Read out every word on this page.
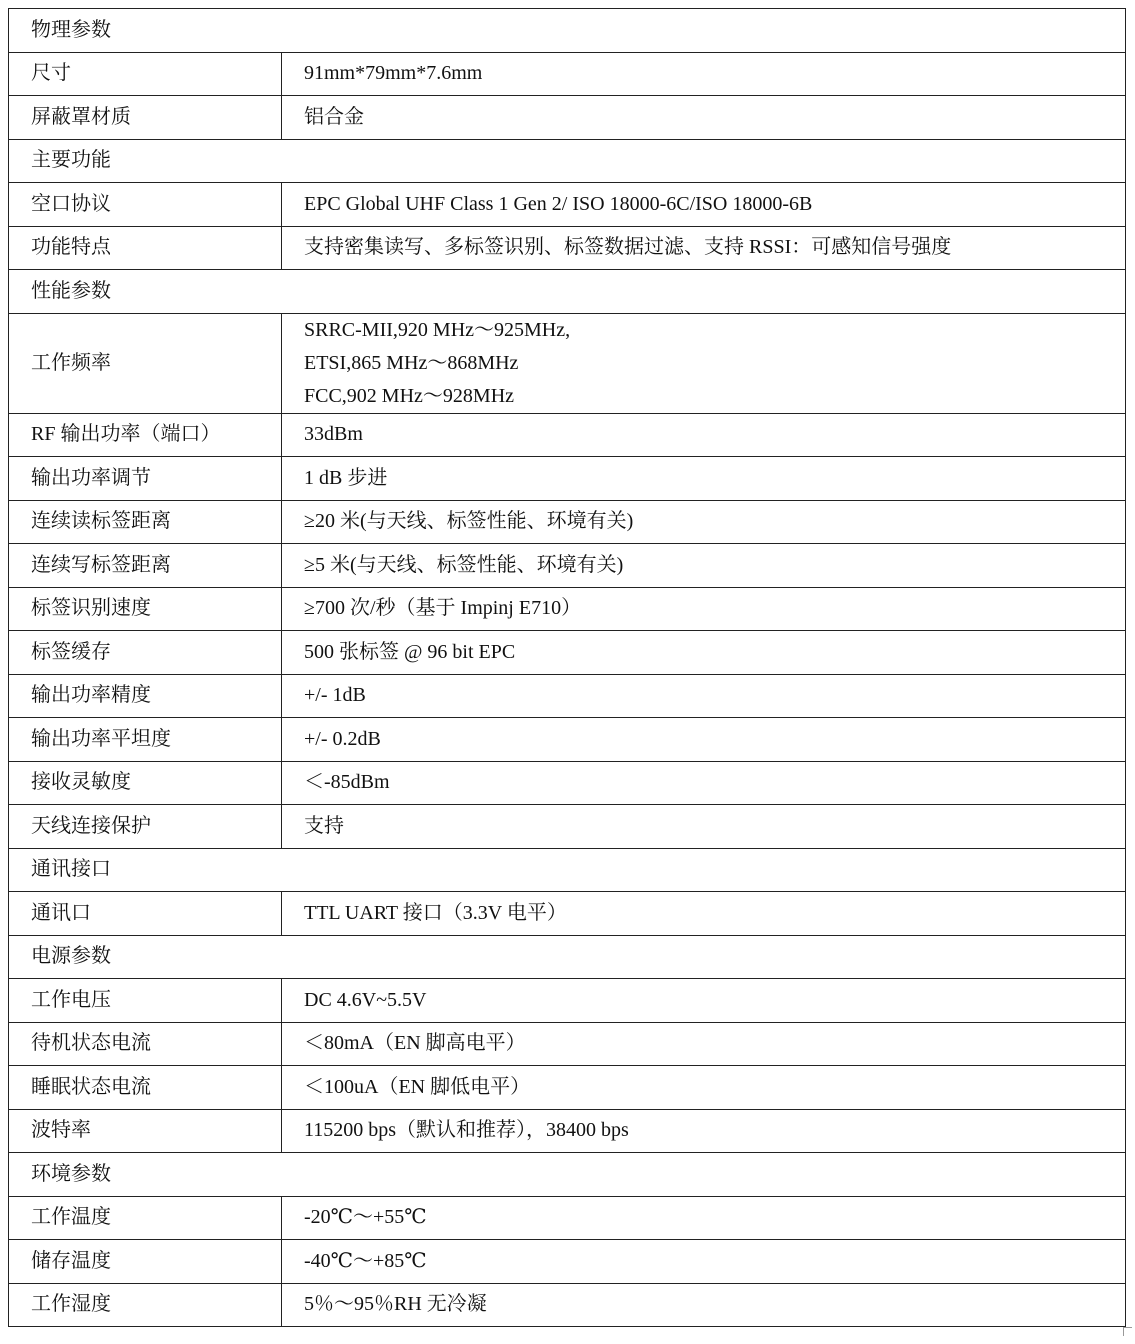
物理参数	
尺寸	91mm*79mm*7.6mm
屏蔽罩材质	铝合金
主要功能	
空口协议	EPC Global UHF Class 1 Gen 2/ ISO 18000-6C/ISO 18000-6B
功能特点	支持密集读写、多标签识别、标签数据过滤、支持 RSSI：可感知信号强度
性能参数	
工作频率	SRRC-MII,920 MHz～925MHz,
ETSI,865 MHz～868MHz
FCC,902 MHz～928MHz

RF 输出功率（端口）	33dBm
输出功率调节	1 dB 步进
连续读标签距离	≥20 米(与天线、标签性能、环境有关)
连续写标签距离	≥5 米(与天线、标签性能、环境有关)
标签识别速度	≥700 次/秒（基于 Impinj E710）
标签缓存	500 张标签 @ 96 bit EPC
输出功率精度	+/- 1dB
输出功率平坦度	+/- 0.2dB
接收灵敏度	＜-85dBm
天线连接保护	支持
通讯接口	
通讯口	TTL UART 接口（3.3V 电平）
电源参数	
工作电压	DC 4.6V~5.5V
待机状态电流	＜80mA（EN 脚高电平）
睡眠状态电流	＜100uA（EN 脚低电平）
波特率	115200 bps（默认和推荐），38400 bps
环境参数	
工作温度	-20℃～+55℃
储存温度	-40℃～+85℃
工作湿度	5％～95％RH 无冷凝
